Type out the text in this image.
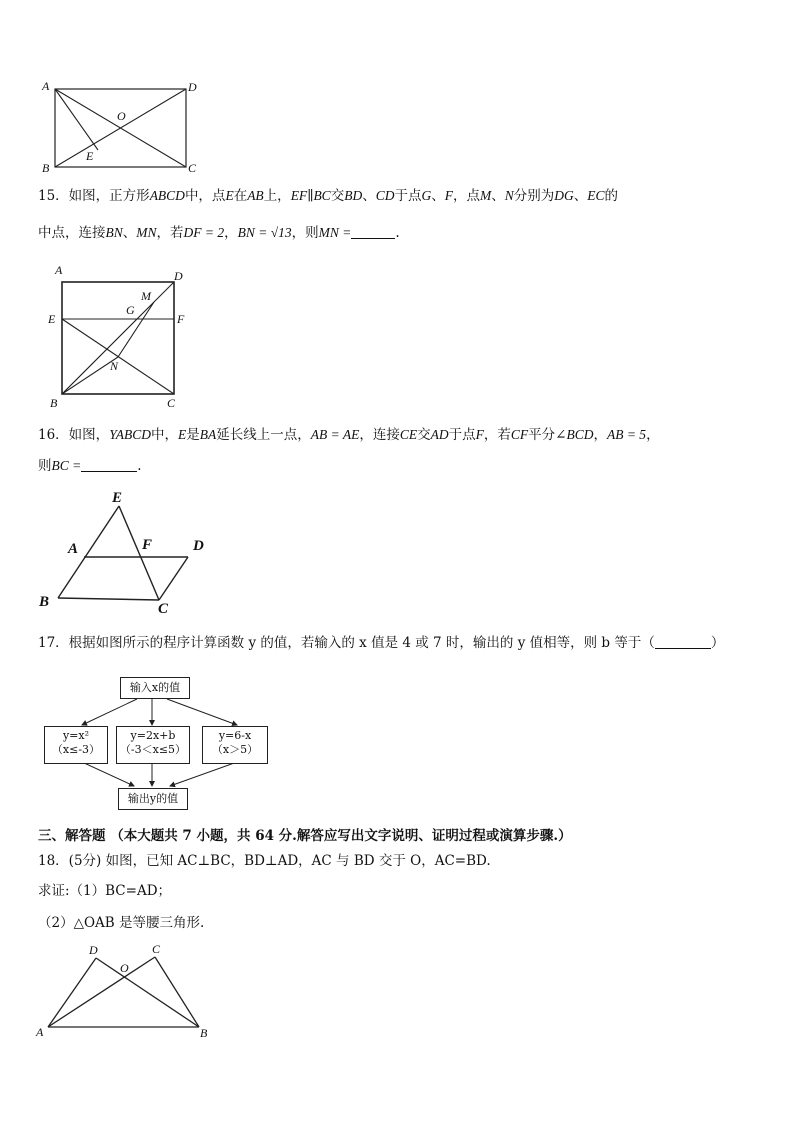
A	D
O
E
B	C
15．如图，正方形ABCD中，点E在AB上，EF∥BC交BD、CD于点G、F，点M、N分别为DG、EC的
中点，连接BN、MN，若DF = 2，BN = √13，则MN =	.
A	D
M
G
E	F
N
B	C
16．如图，YABCD中，E是BA延长线上一点，AB = AE，连接CE交AD于点F，若CF平分∠BCD，AB = 5，
则BC =	.
E
A	F	D
B	C
17．根据如图所示的程序计算函数 y 的值，若输入的 x 值是 4 或 7 时，输出的 y 值相等，则 b 等于（	）
输入x的值
y=x²
（x≤-3）
y=2x+b
（-3＜x≤5）
y=6-x
（x＞5）
输出y的值
三、解答题 （本大题共 7 小题，共 64 分.解答应写出文字说明、证明过程或演算步骤.）
18．(5分) 如图，已知 AC⊥BC，BD⊥AD，AC 与 BD 交于 O，AC=BD.
求证:（1）BC=AD；
（2）△OAB 是等腰三角形.
D	C
O
A	B
